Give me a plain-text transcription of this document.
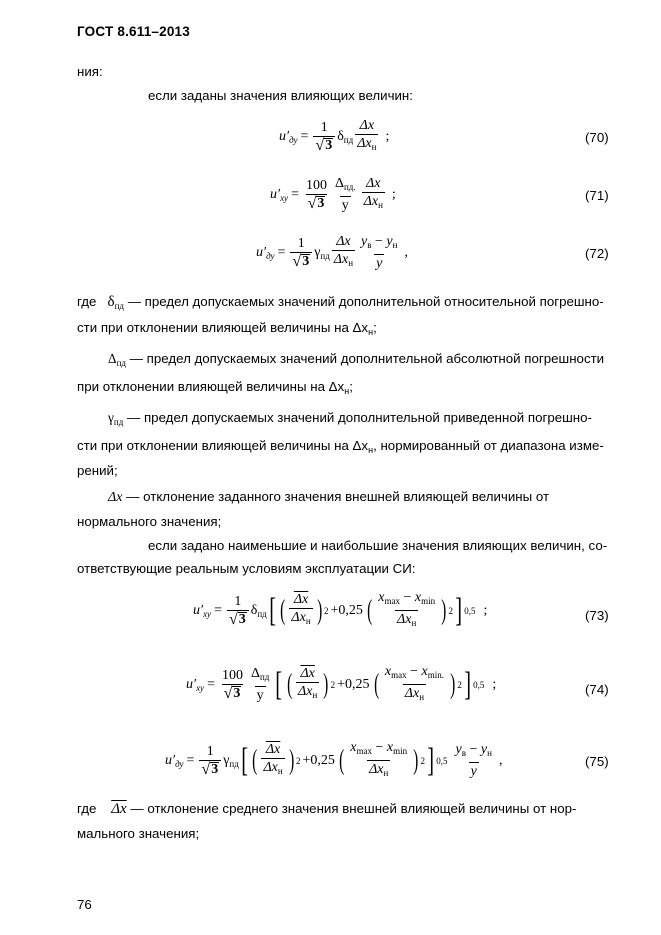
ГОСТ 8.611–2013
ния:
если заданы значения влияющих величин:
$u'_{ду} = \frac{1}{√ 3} \delta_{пд} \frac{\Delta x}{\Delta x_н}$ ;	(70)
$u'_{xу} = \frac{100}{√ 3} \frac{\Delta_{пд.}}{у} \frac{\Delta x}{\Delta x_н}$ ;	(71)
$u'_{ду} = \frac{1}{√ 3} \gamma_{пд} \frac{\Delta x}{\Delta x_н} \frac{y_в - y_н}{y}$ ,	(72)
где $\delta_{пд}$ — предел допускаемых значений дополнительной относительной погрешно-
сти при отклонении влияющей величины на $\Delta x_н$;
$\Delta_{пд}$ — предел допускаемых значений дополнительной абсолютной погрешности
при отклонении влияющей величины на $\Delta x_н$;
$\gamma_{пд}$ — предел допускаемых значений дополнительной приведенной погрешно-
сти при отклонении влияющей величины на $\Delta x_н$, нормированный от диапазона изме-
рений;
Δx — отклонение заданного значения внешней влияющей величины от
нормального значения;
если задано наименьшие и наибольшие значения влияющих величин, со-
ответствующие реальным условиям эксплуатации СИ:
$u'_{xу} = \frac{1}{√ 3} \delta_{пд}$ [ ( $\frac{\overline{\Delta x}}{\Delta x_н}$ ) 2 +0,25 ( $\frac{x_{max} - x_{min}}{\Delta x_н}$ ) 2 ] 0,5 ;	(73)
$u'_{xу} = \frac{100}{√ 3} \frac{\Delta_{пд}}{у}$ [ ( $\frac{\overline{\Delta x}}{\Delta x_н}$ ) 2 +0,25 ( $\frac{x_{max} - x_{min.}}{\Delta x_н}$ ) 2 ] 0,5 ;	(74)
$u'_{ду} = \frac{1}{√ 3} \gamma_{пд}$ [ ( $\frac{\overline{\Delta x}}{\Delta x_н}$ ) 2 +0,25 ( $\frac{x_{max} - x_{min}}{\Delta x_н}$ ) 2 ] $0,5 \frac{y_в - y_н}{y}$ ,	(75)
где $\overline{\Delta x}$ — отклонение среднего значения внешней влияющей величины от нор-
мального значения;
76
